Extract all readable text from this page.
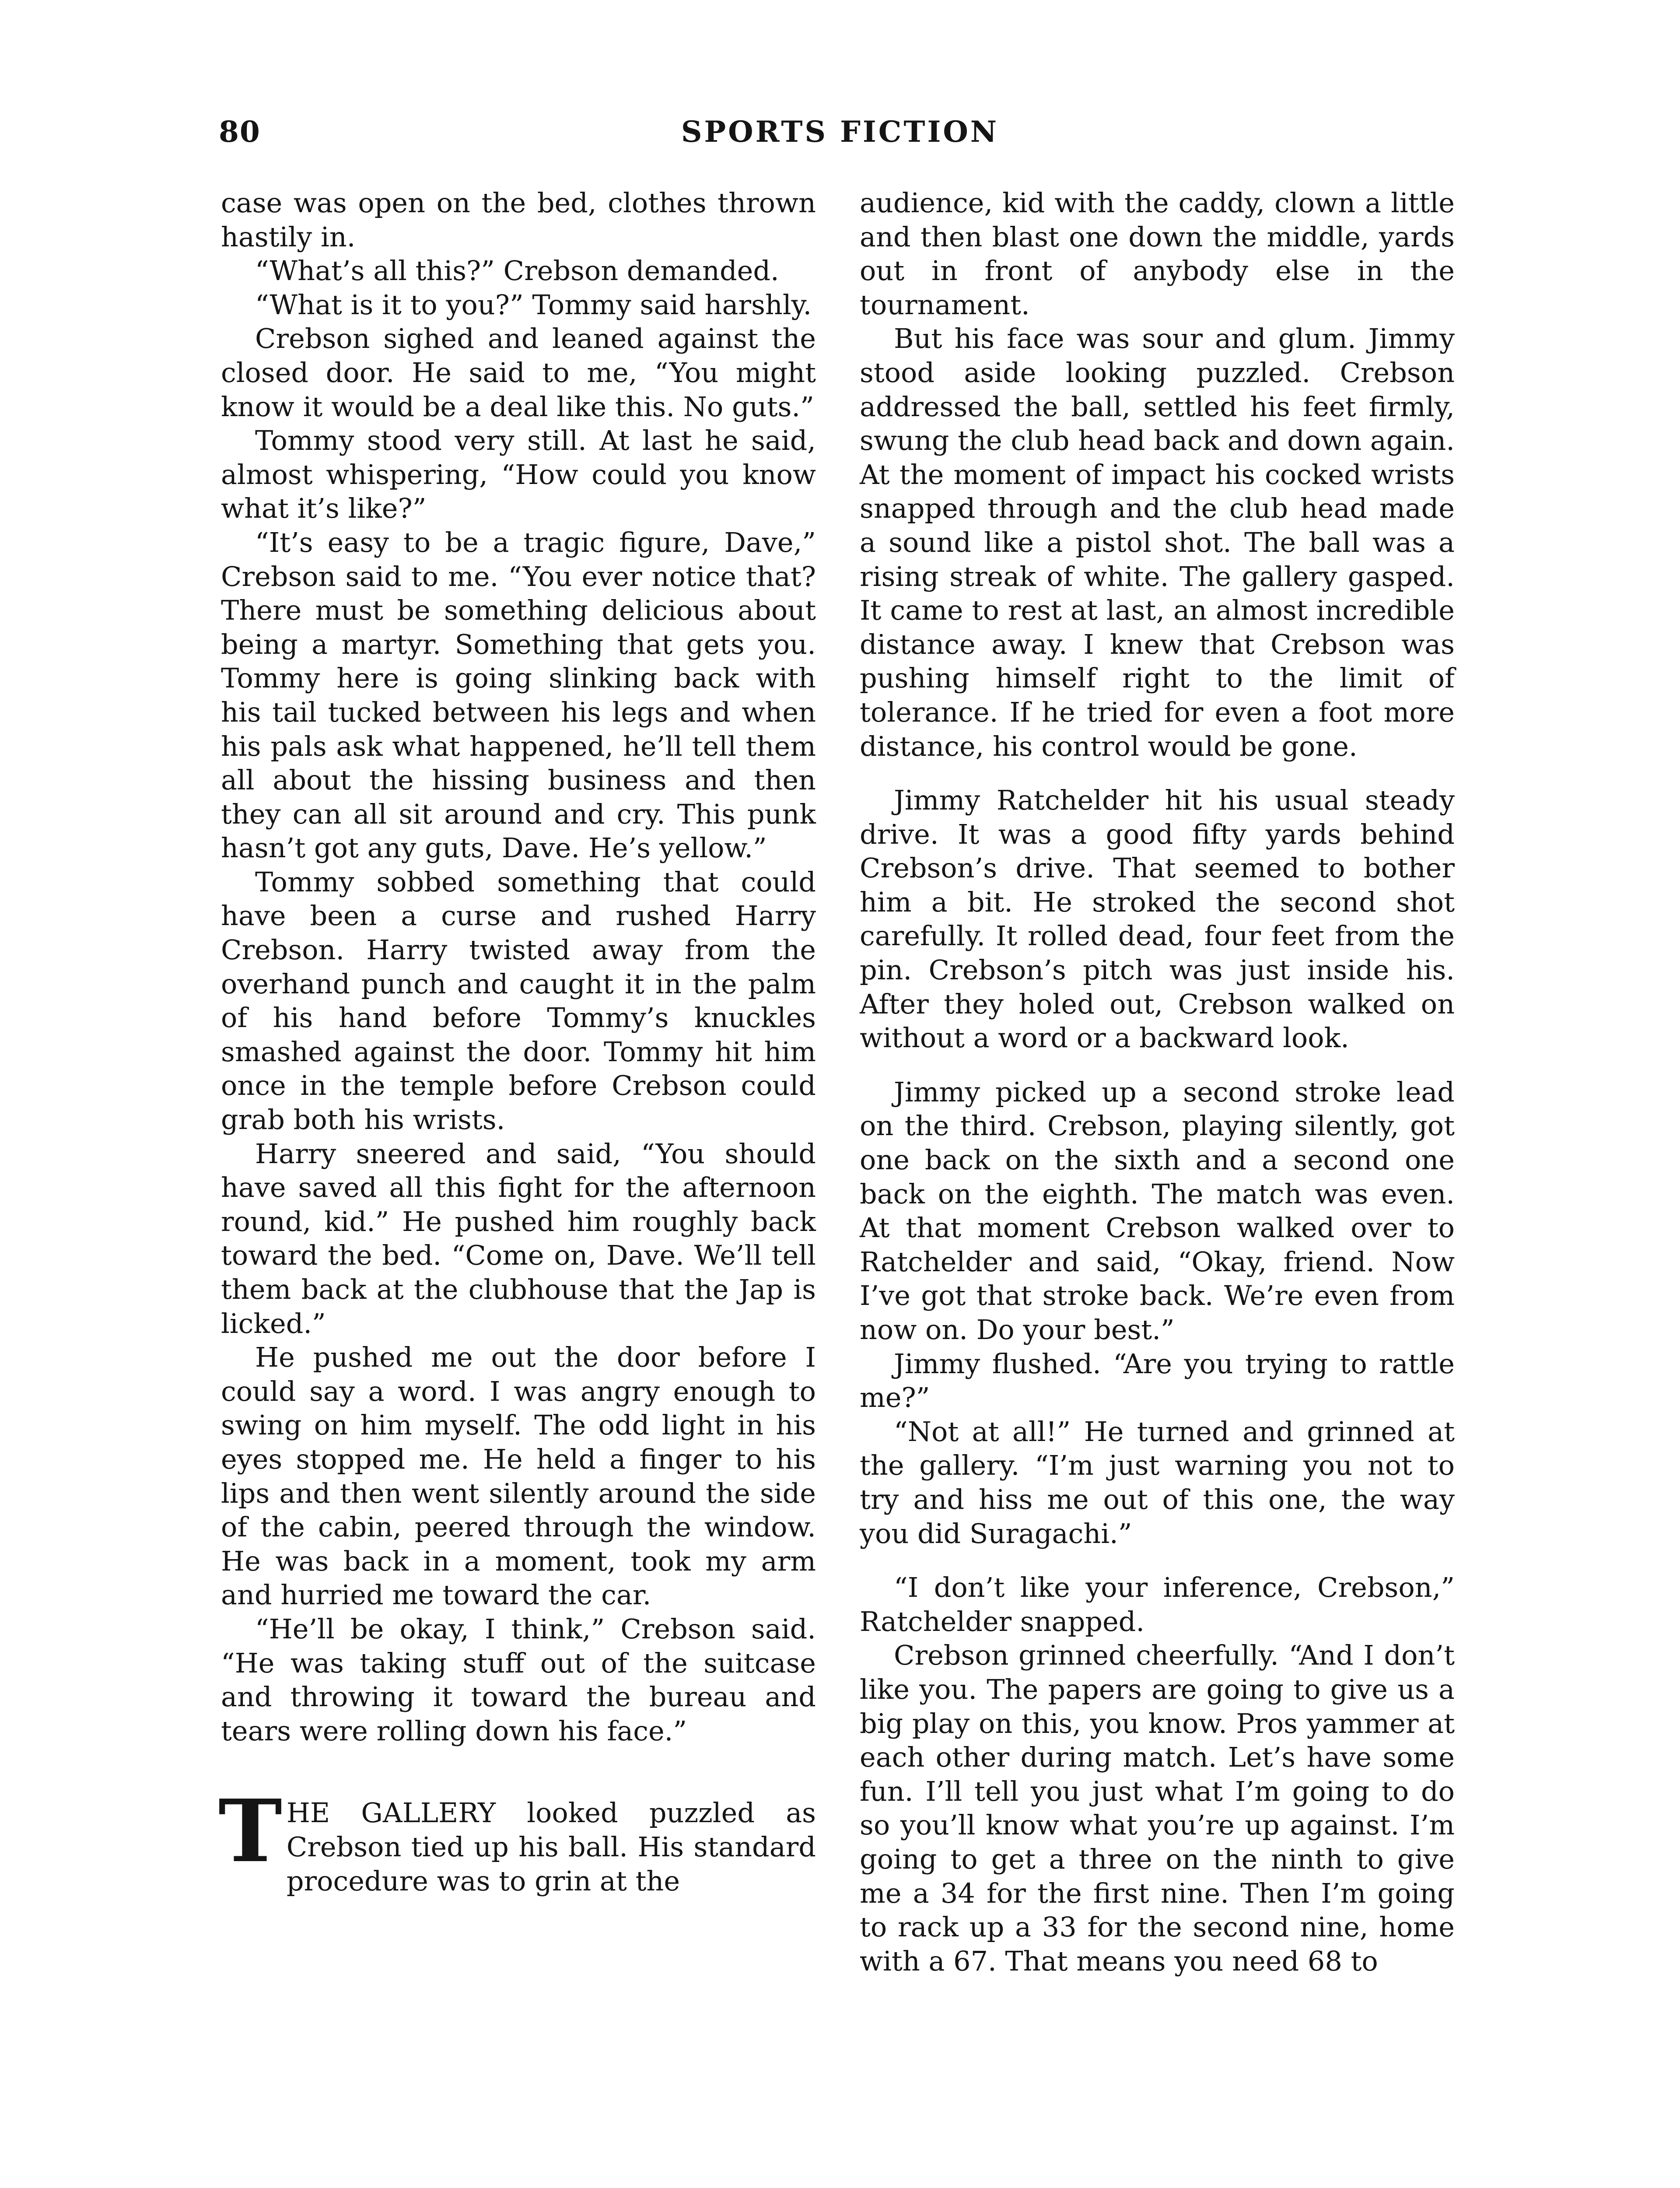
80	SPORTS FICTION

case was open on the bed, clothes thrown hastily in.

“What’s all this?” Crebson demanded.

“What is it to you?” Tommy said harshly.

Crebson sighed and leaned against the closed door. He said to me, “You might know it would be a deal like this. No guts.”

Tommy stood very still. At last he said, almost whispering, “How could you know what it’s like?”

“It’s easy to be a tragic figure, Dave,” Crebson said to me. “You ever notice that? There must be something delicious about being a martyr. Something that gets you. Tommy here is going slinking back with his tail tucked between his legs and when his pals ask what happened, he’ll tell them all about the hissing business and then they can all sit around and cry. This punk hasn’t got any guts, Dave. He’s yellow.”

Tommy sobbed something that could have been a curse and rushed Harry Crebson. Harry twisted away from the overhand punch and caught it in the palm of his hand before Tommy’s knuckles smashed against the door. Tommy hit him once in the temple before Crebson could grab both his wrists.

Harry sneered and said, “You should have saved all this fight for the afternoon round, kid.” He pushed him roughly back toward the bed. “Come on, Dave. We’ll tell them back at the clubhouse that the Jap is licked.”

He pushed me out the door before I could say a word. I was angry enough to swing on him myself. The odd light in his eyes stopped me. He held a finger to his lips and then went silently around the side of the cabin, peered through the window. He was back in a moment, took my arm and hurried me toward the car.

“He’ll be okay, I think,” Crebson said. “He was taking stuff out of the suitcase and throwing it toward the bureau and tears were rolling down his face.”

THE GALLERY looked puzzled as Crebson tied up his ball. His standard procedure was to grin at the

audience, kid with the caddy, clown a little and then blast one down the middle, yards out in front of anybody else in the tournament.

But his face was sour and glum. Jimmy stood aside looking puzzled. Crebson addressed the ball, settled his feet firmly, swung the club head back and down again. At the moment of impact his cocked wrists snapped through and the club head made a sound like a pistol shot. The ball was a rising streak of white. The gallery gasped. It came to rest at last, an almost incredible distance away. I knew that Crebson was pushing himself right to the limit of tolerance. If he tried for even a foot more distance, his control would be gone.

Jimmy Ratchelder hit his usual steady drive. It was a good fifty yards behind Crebson’s drive. That seemed to bother him a bit. He stroked the second shot carefully. It rolled dead, four feet from the pin. Crebson’s pitch was just inside his. After they holed out, Crebson walked on without a word or a backward look.

Jimmy picked up a second stroke lead on the third. Crebson, playing silently, got one back on the sixth and a second one back on the eighth. The match was even. At that moment Crebson walked over to Ratchelder and said, “Okay, friend. Now I’ve got that stroke back. We’re even from now on. Do your best.”

Jimmy flushed. “Are you trying to rattle me?”

“Not at all!” He turned and grinned at the gallery. “I’m just warning you not to try and hiss me out of this one, the way you did Suragachi.”

“I don’t like your inference, Crebson,” Ratchelder snapped.

Crebson grinned cheerfully. “And I don’t like you. The papers are going to give us a big play on this, you know. Pros yammer at each other during match. Let’s have some fun. I’ll tell you just what I’m going to do so you’ll know what you’re up against. I’m going to get a three on the ninth to give me a 34 for the first nine. Then I’m going to rack up a 33 for the second nine, home with a 67. That means you need 68 to
